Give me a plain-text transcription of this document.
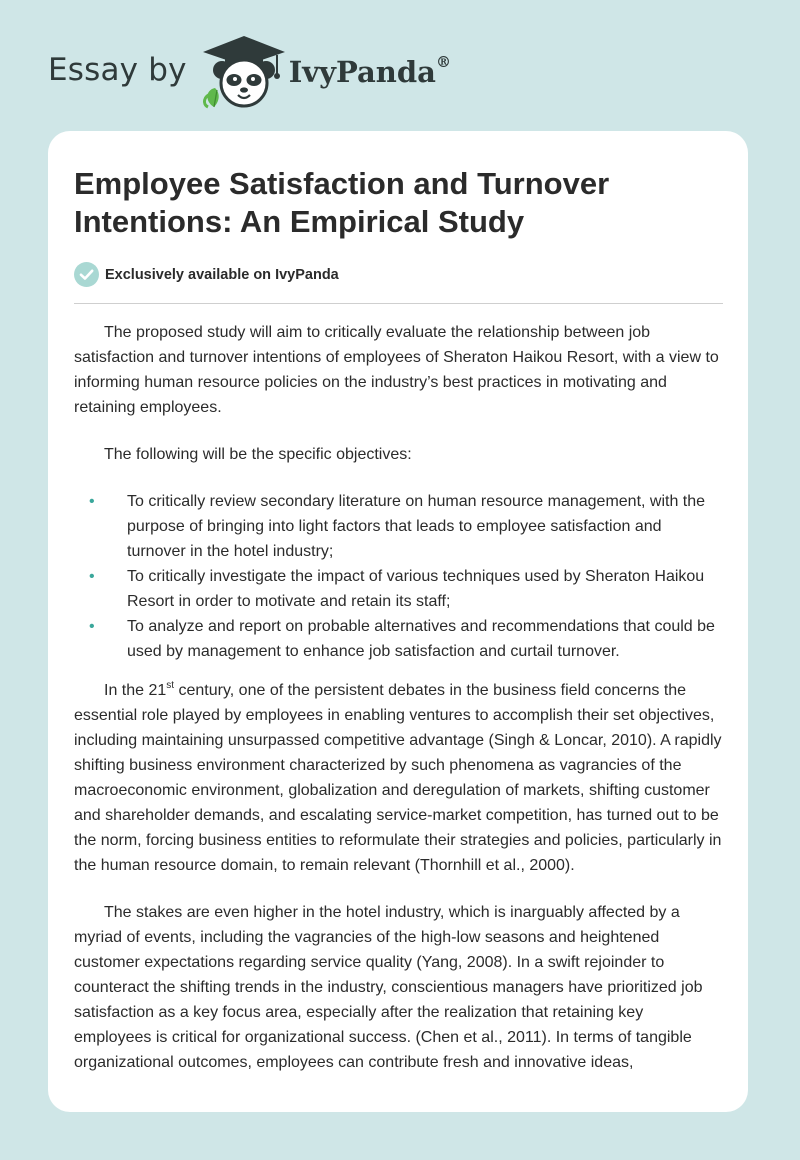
Essay by	IvyPanda®
Employee Satisfaction and Turnover Intentions: An Empirical Study
Exclusively available on IvyPanda

The proposed study will aim to critically evaluate the relationship between job satisfaction and turnover intentions of employees of Sheraton Haikou Resort, with a view to informing human resource policies on the industry’s best practices in motivating and retaining employees.

The following will be the specific objectives:

• To critically review secondary literature on human resource management, with the purpose of bringing into light factors that leads to employee satisfaction and turnover in the hotel industry;
• To critically investigate the impact of various techniques used by Sheraton Haikou Resort in order to motivate and retain its staff;
• To analyze and report on probable alternatives and recommendations that could be used by management to enhance job satisfaction and curtail turnover.

In the 21st century, one of the persistent debates in the business field concerns the essential role played by employees in enabling ventures to accomplish their set objectives, including maintaining unsurpassed competitive advantage (Singh & Loncar, 2010). A rapidly shifting business environment characterized by such phenomena as vagrancies of the macroeconomic environment, globalization and deregulation of markets, shifting customer and shareholder demands, and escalating service-market competition, has turned out to be the norm, forcing business entities to reformulate their strategies and policies, particularly in the human resource domain, to remain relevant (Thornhill et al., 2000).

The stakes are even higher in the hotel industry, which is inarguably affected by a myriad of events, including the vagrancies of the high-low seasons and heightened customer expectations regarding service quality (Yang, 2008). In a swift rejoinder to counteract the shifting trends in the industry, conscientious managers have prioritized job satisfaction as a key focus area, especially after the realization that retaining key employees is critical for organizational success. (Chen et al., 2011). In terms of tangible organizational outcomes, employees can contribute fresh and innovative ideas,
